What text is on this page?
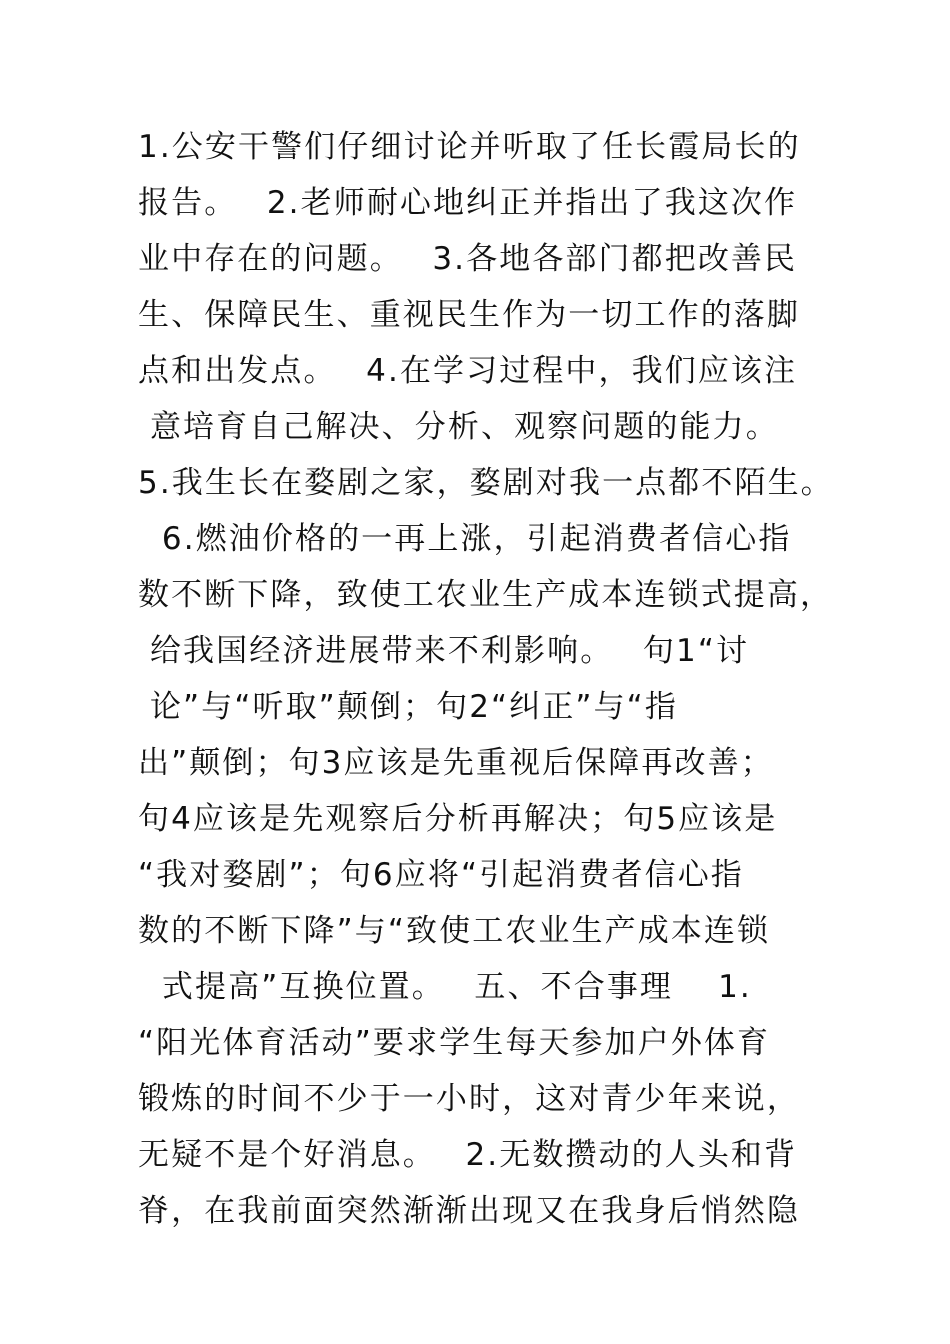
1.公安干警们仔细讨论并听取了任长霞局长的
报告。　 2.老师耐心地纠正并指出了我这次作
业中存在的问题。　 3.各地各部门都把改善民
生、保障民生、重视民生作为一切工作的落脚
点和出发点。　 4.在学习过程中，我们应该注
意培育自己解决、分析、观察问题的能力。
5.我生长在婺剧之家，婺剧对我一点都不陌生。
6.燃油价格的一再上涨，引起消费者信心指
数不断下降，致使工农业生产成本连锁式提高，
给我国经济进展带来不利影响。　 句1“讨
论”与“听取”颠倒；句2“纠正”与“指
出”颠倒；句3应该是先重视后保障再改善；
句4应该是先观察后分析再解决；句5应该是
“我对婺剧”；句6应将“引起消费者信心指
数的不断下降”与“致使工农业生产成本连锁
式提高”互换位置。　 五、不合事理　 1.
“阳光体育活动”要求学生每天参加户外体育
锻炼的时间不少于一小时，这对青少年来说，
无疑不是个好消息。　 2.无数攒动的人头和背
脊，在我前面突然渐渐出现又在我身后悄然隐
